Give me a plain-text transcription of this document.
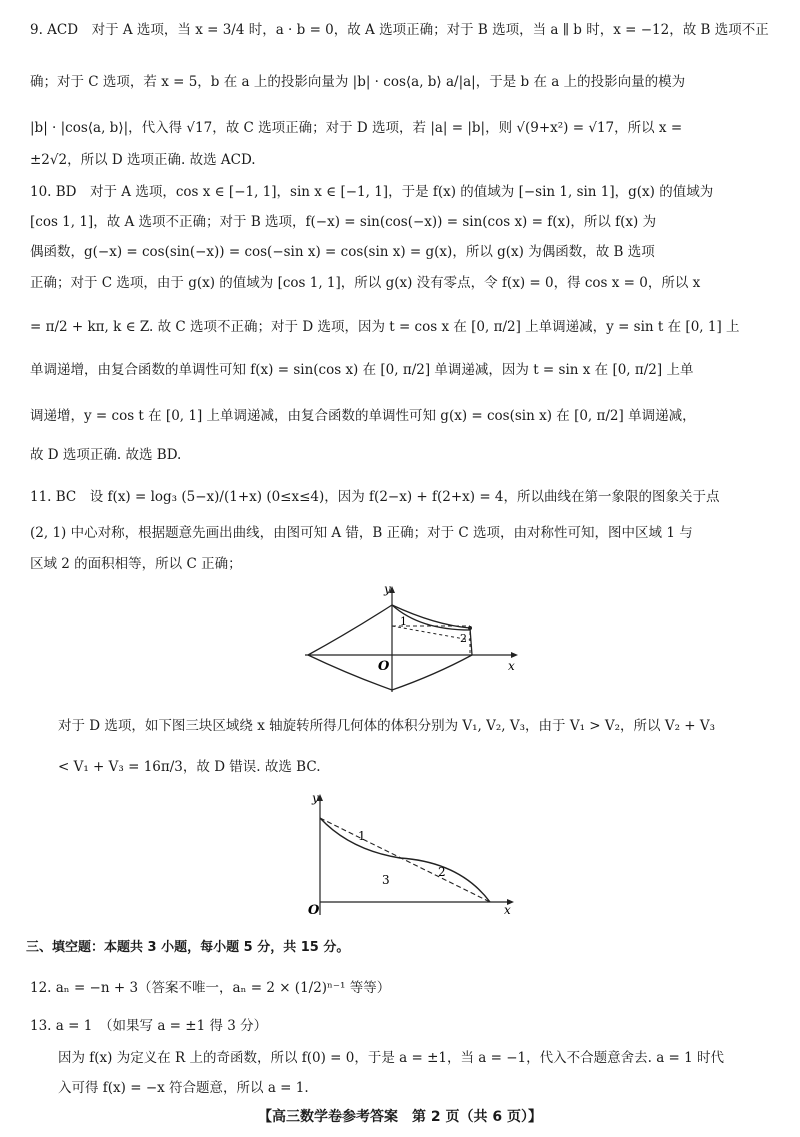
9. ACD　对于 A 选项，当 x = 3/4 时，a · b = 0，故 A 选项正确；对于 B 选项，当 a ∥ b 时，x = −12，故 B 选项不正
确；对于 C 选项，若 x = 5，b 在 a 上的投影向量为 |b| · cos⟨a, b⟩ a/|a|，于是 b 在 a 上的投影向量的模为
|b| · |cos⟨a, b⟩|，代入得 √17，故 C 选项正确；对于 D 选项，若 |a| = |b|，则 √(9+x²) = √17，所以 x =
±2√2，所以 D 选项正确. 故选 ACD.
10. BD　对于 A 选项，cos x ∈ [−1, 1]，sin x ∈ [−1, 1]，于是 f(x) 的值域为 [−sin 1, sin 1]，g(x) 的值域为
[cos 1, 1]，故 A 选项不正确；对于 B 选项，f(−x) = sin(cos(−x)) = sin(cos x) = f(x)，所以 f(x) 为
偶函数，g(−x) = cos(sin(−x)) = cos(−sin x) = cos(sin x) = g(x)，所以 g(x) 为偶函数，故 B 选项
正确；对于 C 选项，由于 g(x) 的值域为 [cos 1, 1]，所以 g(x) 没有零点，令 f(x) = 0，得 cos x = 0，所以 x
= π/2 + kπ, k ∈ Z. 故 C 选项不正确；对于 D 选项，因为 t = cos x 在 [0, π/2] 上单调递减，y = sin t 在 [0, 1] 上
单调递增，由复合函数的单调性可知 f(x) = sin(cos x) 在 [0, π/2] 单调递减，因为 t = sin x 在 [0, π/2] 上单
调递增，y = cos t 在 [0, 1] 上单调递减，由复合函数的单调性可知 g(x) = cos(sin x) 在 [0, π/2] 单调递减，
故 D 选项正确. 故选 BD.
11. BC　设 f(x) = log₃ (5−x)/(1+x) (0≤x≤4)，因为 f(2−x) + f(2+x) = 4，所以曲线在第一象限的图象关于点
(2, 1) 中心对称，根据题意先画出曲线，由图可知 A 错，B 正确；对于 C 选项，由对称性可知，图中区域 1 与
区域 2 的面积相等，所以 C 正确；
y
x
O
1
2
对于 D 选项，如下图三块区域绕 x 轴旋转所得几何体的体积分别为 V₁, V₂, V₃，由于 V₁ > V₂，所以 V₂ + V₃
< V₁ + V₃ = 16π/3，故 D 错误. 故选 BC.
y
x
O
1
2
3
三、填空题：本题共 3 小题，每小题 5 分，共 15 分。
12. aₙ = −n + 3（答案不唯一，aₙ = 2 × (1/2)ⁿ⁻¹ 等等）
13. a = 1　（如果写 a = ±1 得 3 分）
因为 f(x) 为定义在 R 上的奇函数，所以 f(0) = 0，于是 a = ±1，当 a = −1，代入不合题意舍去. a = 1 时代
入可得 f(x) = −x 符合题意，所以 a = 1.
【高三数学卷参考答案　第 2 页（共 6 页）】
